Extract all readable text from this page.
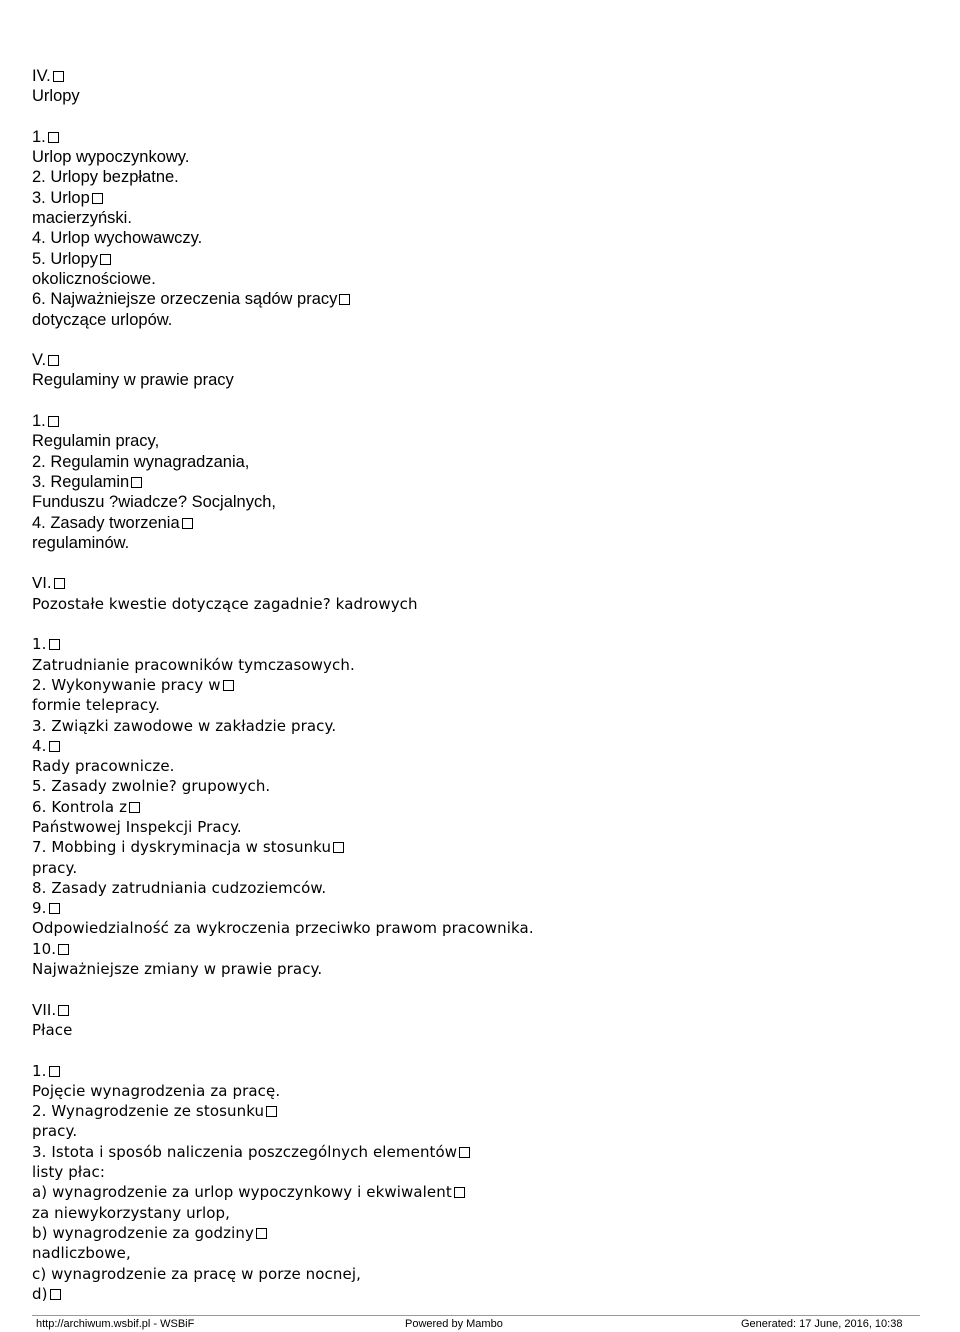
IV.
Urlopy
1.
Urlop wypoczynkowy.
2. Urlopy bezpłatne.
3. Urlop
macierzyński.
4. Urlop wychowawczy.
5. Urlopy
okolicznościowe.
6. Najważniejsze orzeczenia sądów pracy
dotyczące urlopów.
V.
Regulaminy w prawie pracy
1.
Regulamin pracy,
2. Regulamin wynagradzania,
3. Regulamin
Funduszu ?wiadcze? Socjalnych,
4. Zasady tworzenia
regulaminów.
VI.
Pozostałe kwestie dotyczące zagadnie? kadrowych
1.
Zatrudnianie pracowników tymczasowych.
2. Wykonywanie pracy w
formie telepracy.
3. Związki zawodowe w zakładzie pracy.
4.
Rady pracownicze.
5. Zasady zwolnie? grupowych.
6. Kontrola z
Państwowej Inspekcji Pracy.
7. Mobbing i dyskryminacja w stosunku
pracy.
8. Zasady zatrudniania cudzoziemców.
9.
Odpowiedzialność za wykroczenia przeciwko prawom pracownika.
10.
Najważniejsze zmiany w prawie pracy.
VII.
Płace
1.
Pojęcie wynagrodzenia za pracę.
2. Wynagrodzenie ze stosunku
pracy.
3. Istota i sposób naliczenia poszczególnych elementów
listy płac:
a) wynagrodzenie za urlop wypoczynkowy i ekwiwalent
za niewykorzystany urlop,
b) wynagrodzenie za godziny
nadliczbowe,
c) wynagrodzenie za pracę w porze nocnej,
d)
http://archiwum.wsbif.pl - WSBiF	Powered by Mambo	Generated: 17 June, 2016, 10:38
